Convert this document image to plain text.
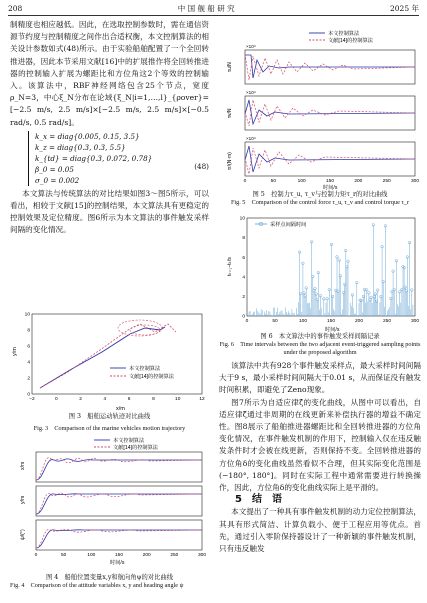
208	中 国 舰 船 研 究	2025 年

制精度也相应越低。因此，在选取控制参数时，需在通信资源节约度与控制精度之间作出合适权衡，本文控制算法的相关设计参数如式(48)所示。由于实验船舶配置了一个全回转推进器，因此本节采用文献[16]中的扩展推作将全回转推进器的控制输入扩展为螺距比和方位角这2个等效的控制输入。该算法中，RBF神经网络包含25个节点，宽度ρ_N=3，中心ξ_N分布在论域{ξ_N|i=1,…,l}_{ρover}=[−2.5 m/s, 2.5 m/s]×[−2.5 m/s, 2.5 m/s]×[−0.5 rad/s, 0.5 rad/s]。

k_x = diag{0.005, 0.15, 3.5}
k_z = diag{0.3, 0.3, 5.5}
k_{td} = diag{0.3, 0.072, 0.78}
β_0 = 0.05
σ_0 = 0.002
(48)

本文算法与传统算法的对比结果如图3～图5所示，可以看出，相较于文献[15]的控制结果，本文算法具有更稳定的控制效果及定位精度。图6所示为本文算法的事件触发采样间隔的变化情况。

本文控制算法
文献[14]的控制算法
y/m
x/m
−2	0	2	4	6	8	10	12
0
2
4
6
8
10
图 3　船舶运动轨迹对比曲线
Fig. 3　Comparison of the marine vehicles motion trajectory
本文控制算法
文献[14]的控制算法
x/m
y/m
ψ/(°)
0	50	100	150	200	250	300
时间/s
图 4　船舶位置变量x,y和航向角ψ的对比曲线
Fig. 4　Comparison of the attitude variables x, y and heading angle ψ
本文控制算法
文献[14]的控制算法
×10⁴
×10⁴
×10⁴
τu/N
τv/N
τr/(N·m)
0	50	100	150	200	250	300
时间/s
图 5　控制力τ_u, τ_v与控制力矩τ_r的对比曲线
Fig. 5　Comparison of the control force τ_u, τ_v and control torque τ_r
采样点间隔时间
tₖ₊₁−tₖ/s
0	50	100	150	200	250	300
0
2
4
6
8
10
时间/s
图 6　本文算法中的事件触发采样间隔记录
Fig. 6　Time intervals between the two adjacent event-triggered sampling points under the proposed algorithm

该算法中共有928个事件触发采样点，最大采样时间间隔大于9 s，最小采样时间间隔大于0.01 s，从而保证没有触发时间积累，即避免了Zeno现象。

图7所示为自适应律ζ̂的变化曲线，从图中可以看出，自适应律ζ̂通过非周期的在线更新来补偿执行器的增益不确定性。图8展示了船舶推进器螺距比和全回转推进器的方位角变化情况，在事件触发机制的作用下，控制输入仅在违反触发条件时才会被在线更新，否则保持不变。全回转推进器的方位角δ的变化曲线虽然看似不合理，但其实际变化范围是(−180°, 180°]。同时在实际工程中通常需要进行转换操作，因此，方位角δ的变化曲线实际上是平滑的。

5　结　语

本文提出了一种具有事件触发机制的动力定位控制算法，其具有形式简洁、计算负载小、便于工程应用等优点。首先，通过引入零阶保持器设计了一种新颖的事件触发机制，只有违反触发
